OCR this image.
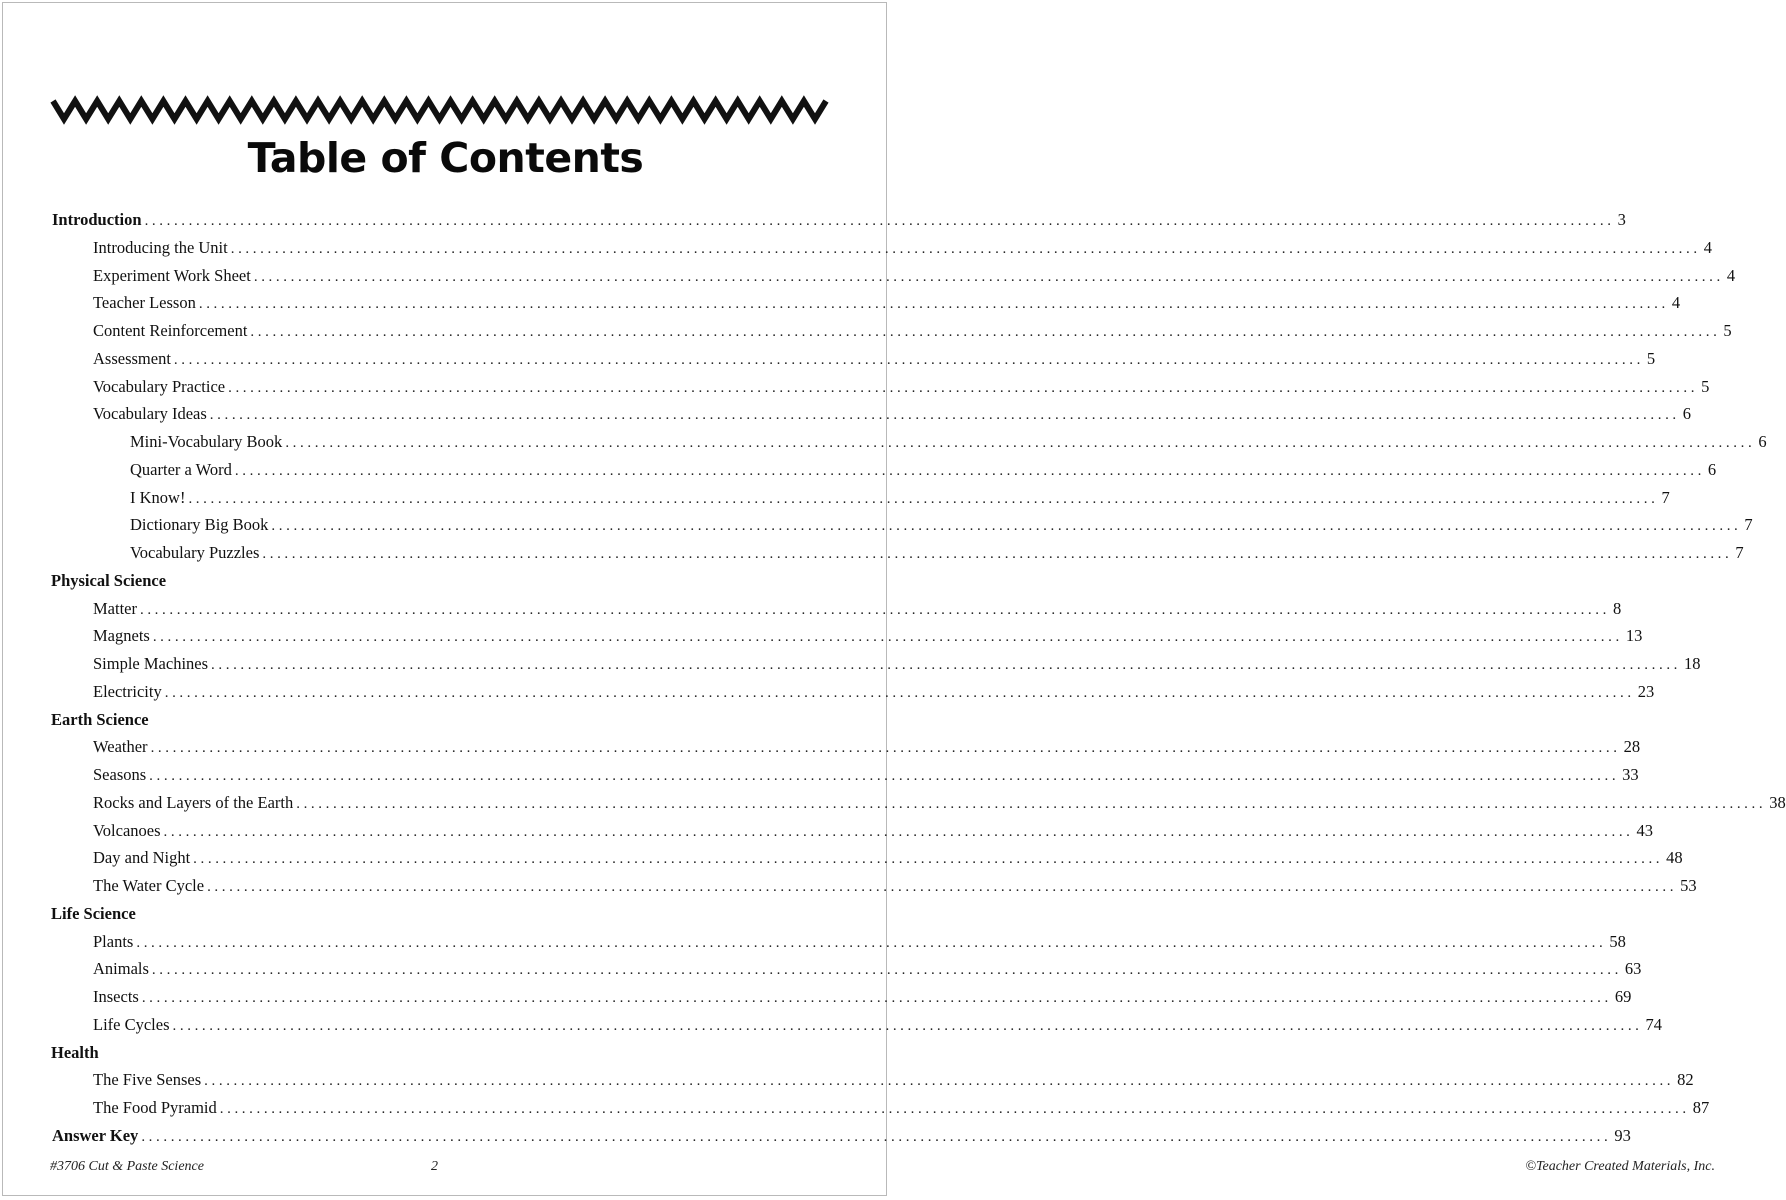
Table of Contents
Introduction ........................................................................................................................................................................................................ 3
Introducing the Unit ........................................................................................................................................................................................................ 4
Experiment Work Sheet ........................................................................................................................................................................................................ 4
Teacher Lesson ........................................................................................................................................................................................................ 4
Content Reinforcement ........................................................................................................................................................................................................ 5
Assessment ........................................................................................................................................................................................................ 5
Vocabulary Practice ........................................................................................................................................................................................................ 5
Vocabulary Ideas ........................................................................................................................................................................................................ 6
Mini-Vocabulary Book ........................................................................................................................................................................................................ 6
Quarter a Word ........................................................................................................................................................................................................ 6
I Know! ........................................................................................................................................................................................................ 7
Dictionary Big Book ........................................................................................................................................................................................................ 7
Vocabulary Puzzles ........................................................................................................................................................................................................ 7
Physical Science
Matter ........................................................................................................................................................................................................ 8
Magnets ........................................................................................................................................................................................................ 13
Simple Machines ........................................................................................................................................................................................................ 18
Electricity ........................................................................................................................................................................................................ 23
Earth Science
Weather ........................................................................................................................................................................................................ 28
Seasons ........................................................................................................................................................................................................ 33
Rocks and Layers of the Earth ........................................................................................................................................................................................................ 38
Volcanoes ........................................................................................................................................................................................................ 43
Day and Night ........................................................................................................................................................................................................ 48
The Water Cycle ........................................................................................................................................................................................................ 53
Life Science
Plants ........................................................................................................................................................................................................ 58
Animals ........................................................................................................................................................................................................ 63
Insects ........................................................................................................................................................................................................ 69
Life Cycles ........................................................................................................................................................................................................ 74
Health
The Five Senses ........................................................................................................................................................................................................ 82
The Food Pyramid ........................................................................................................................................................................................................ 87
Answer Key ........................................................................................................................................................................................................ 93
#3706 Cut & Paste Science	2	©Teacher Created Materials, Inc.
